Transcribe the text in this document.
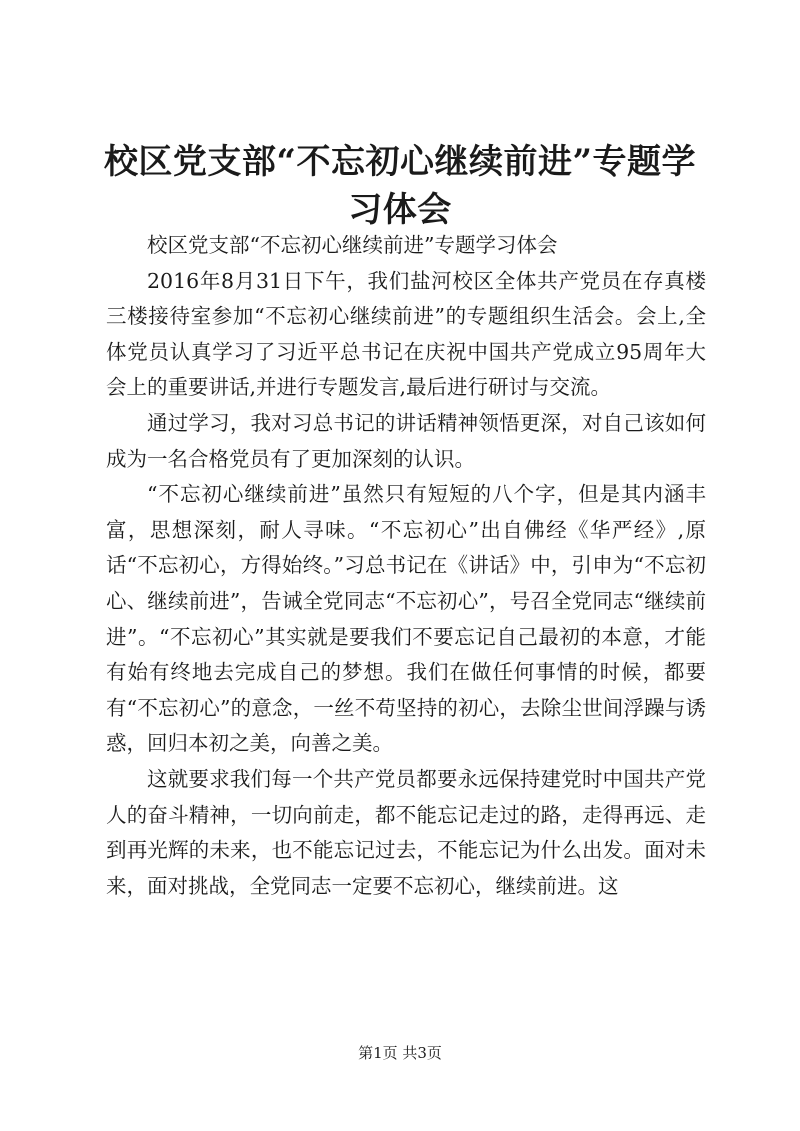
校区党支部“不忘初心继续前进”专题学习体会

校区党支部“不忘初心继续前进”专题学习体会

2016年8月31日下午，我们盐河校区全体共产党员在存真楼三楼接待室参加“不忘初心继续前进”的专题组织生活会。会上,全体党员认真学习了习近平总书记在庆祝中国共产党成立95周年大会上的重要讲话,并进行专题发言,最后进行研讨与交流。

通过学习，我对习总书记的讲话精神领悟更深，对自己该如何成为一名合格党员有了更加深刻的认识。

“不忘初心继续前进”虽然只有短短的八个字，但是其内涵丰富，思想深刻，耐人寻味。“不忘初心”出自佛经《华严经》,原话“不忘初心，方得始终。”习总书记在《讲话》中，引申为“不忘初心、继续前进”，告诫全党同志“不忘初心”，号召全党同志“继续前进”。“不忘初心”其实就是要我们不要忘记自己最初的本意，才能有始有终地去完成自己的梦想。我们在做任何事情的时候，都要有“不忘初心”的意念，一丝不苟坚持的初心，去除尘世间浮躁与诱惑，回归本初之美，向善之美。

这就要求我们每一个共产党员都要永远保持建党时中国共产党人的奋斗精神，一切向前走，都不能忘记走过的路，走得再远、走到再光辉的未来，也不能忘记过去，不能忘记为什么出发。面对未来，面对挑战，全党同志一定要不忘初心，继续前进。这

第1页 共3页
